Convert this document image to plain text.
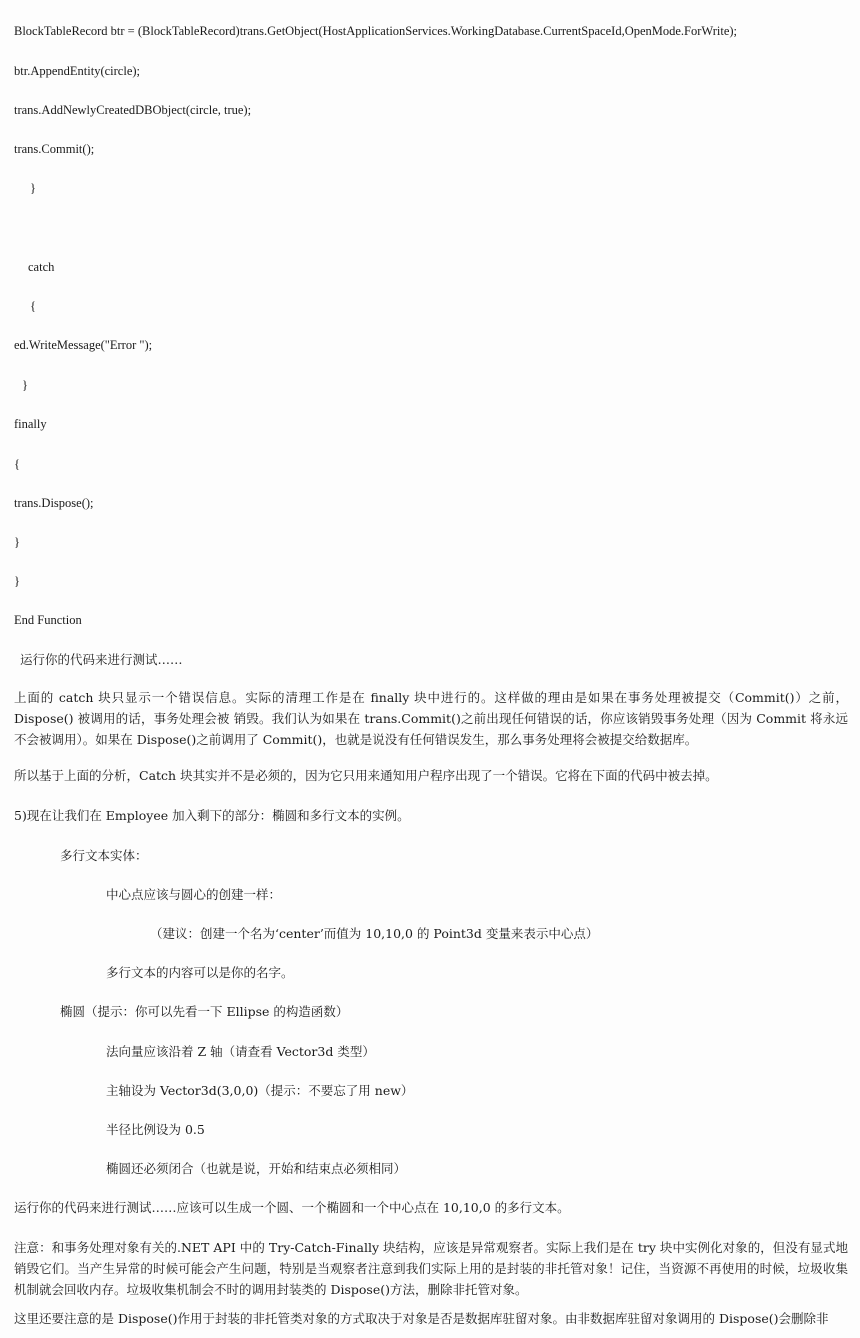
BlockTableRecord btr = (BlockTableRecord)trans.GetObject(HostApplicationServices.WorkingDatabase.CurrentSpaceId,OpenMode.ForWrite);
btr.AppendEntity(circle);
trans.AddNewlyCreatedDBObject(circle, true);
trans.Commit();
}
catch
{
ed.WriteMessage("Error ");
}
finally
{
trans.Dispose();
}
}
End Function
运行你的代码来进行测试……
上面的 catch 块只显示一个错误信息。实际的清理工作是在 finally 块中进行的。这样做的理由是如果在事务处理被提交（Commit()）之前，Dispose() 被调用的话，事务处理会被 销毁。我们认为如果在 trans.Commit()之前出现任何错误的话，你应该销毁事务处理（因为 Commit 将永远不会被调用）。如果在 Dispose()之前调用了 Commit()，也就是说没有任何错误发生，那么事务处理将会被提交给数据库。
所以基于上面的分析，Catch 块其实并不是必须的，因为它只用来通知用户程序出现了一个错误。它将在下面的代码中被去掉。
5)现在让我们在 Employee 加入剩下的部分：椭圆和多行文本的实例。
多行文本实体：
中心点应该与圆心的创建一样：
（建议：创建一个名为‘center’而值为 10,10,0 的 Point3d 变量来表示中心点）
多行文本的内容可以是你的名字。
椭圆（提示：你可以先看一下 Ellipse 的构造函数）
法向量应该沿着 Z 轴（请查看 Vector3d 类型）
主轴设为 Vector3d(3,0,0)（提示：不要忘了用 new）
半径比例设为 0.5
椭圆还必须闭合（也就是说，开始和结束点必须相同）
运行你的代码来进行测试……应该可以生成一个圆、一个椭圆和一个中心点在 10,10,0 的多行文本。
注意：和事务处理对象有关的.NET API 中的 Try-Catch-Finally 块结构，应该是异常观察者。实际上我们是在 try 块中实例化对象的，但没有显式地销毁它们。当产生异常的时候可能会产生问题，特别是当观察者注意到我们实际上用的是封装的非托管对象！记住，当资源不再使用的时候，垃圾收集机制就会回收内存。垃圾收集机制会不时的调用封装类的 Dispose()方法，删除非托管对象。
这里还要注意的是 Dispose()作用于封装的非托管类对象的方式取决于对象是否是数据库驻留对象。由非数据库驻留对象调用的 Dispose()会删除非
